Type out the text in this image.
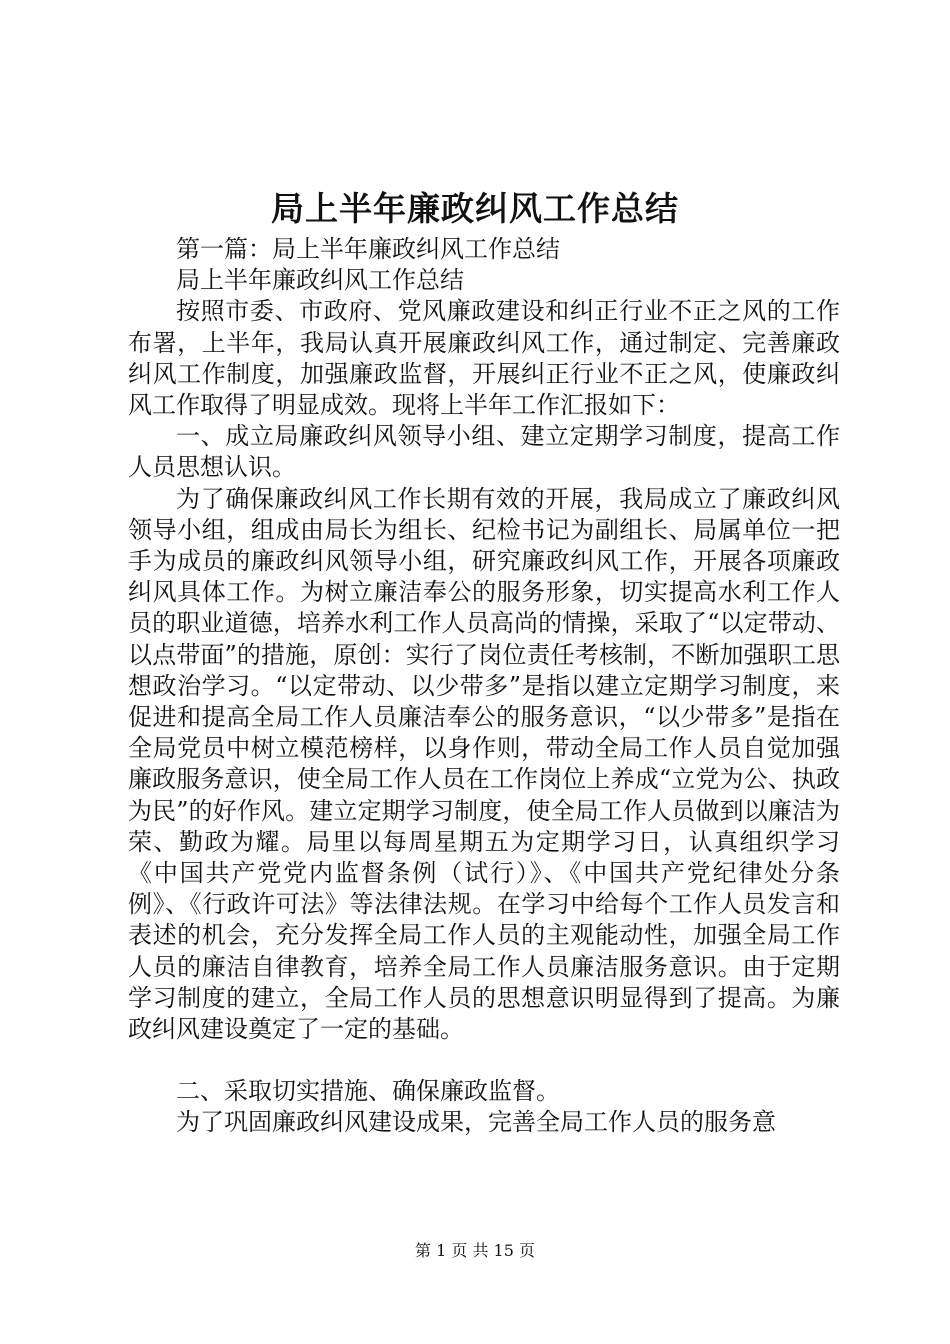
局上半年廉政纠风工作总结

第一篇：局上半年廉政纠风工作总结

局上半年廉政纠风工作总结

按照市委、市政府、党风廉政建设和纠正行业不正之风的工作布署，上半年，我局认真开展廉政纠风工作，通过制定、完善廉政纠风工作制度，加强廉政监督，开展纠正行业不正之风，使廉政纠风工作取得了明显成效。现将上半年工作汇报如下：

一、成立局廉政纠风领导小组、建立定期学习制度，提高工作人员思想认识。

为了确保廉政纠风工作长期有效的开展，我局成立了廉政纠风领导小组，组成由局长为组长、纪检书记为副组长、局属单位一把手为成员的廉政纠风领导小组，研究廉政纠风工作，开展各项廉政纠风具体工作。为树立廉洁奉公的服务形象，切实提高水利工作人员的职业道德，培养水利工作人员高尚的情操，采取了“以定带动、以点带面”的措施，原创：实行了岗位责任考核制，不断加强职工思想政治学习。“以定带动、以少带多”是指以建立定期学习制度，来促进和提高全局工作人员廉洁奉公的服务意识，“以少带多”是指在全局党员中树立模范榜样，以身作则，带动全局工作人员自觉加强廉政服务意识，使全局工作人员在工作岗位上养成“立党为公、执政为民”的好作风。建立定期学习制度，使全局工作人员做到以廉洁为荣、勤政为耀。局里以每周星期五为定期学习日，认真组织学习《中国共产党党内监督条例（试行）》、《中国共产党纪律处分条例》、《行政许可法》等法律法规。在学习中给每个工作人员发言和表述的机会，充分发挥全局工作人员的主观能动性，加强全局工作人员的廉洁自律教育，培养全局工作人员廉洁服务意识。由于定期学习制度的建立，全局工作人员的思想意识明显得到了提高。为廉政纠风建设奠定了一定的基础。

二、采取切实措施、确保廉政监督。

为了巩固廉政纠风建设成果，完善全局工作人员的服务意

第 1 页 共 15 页
